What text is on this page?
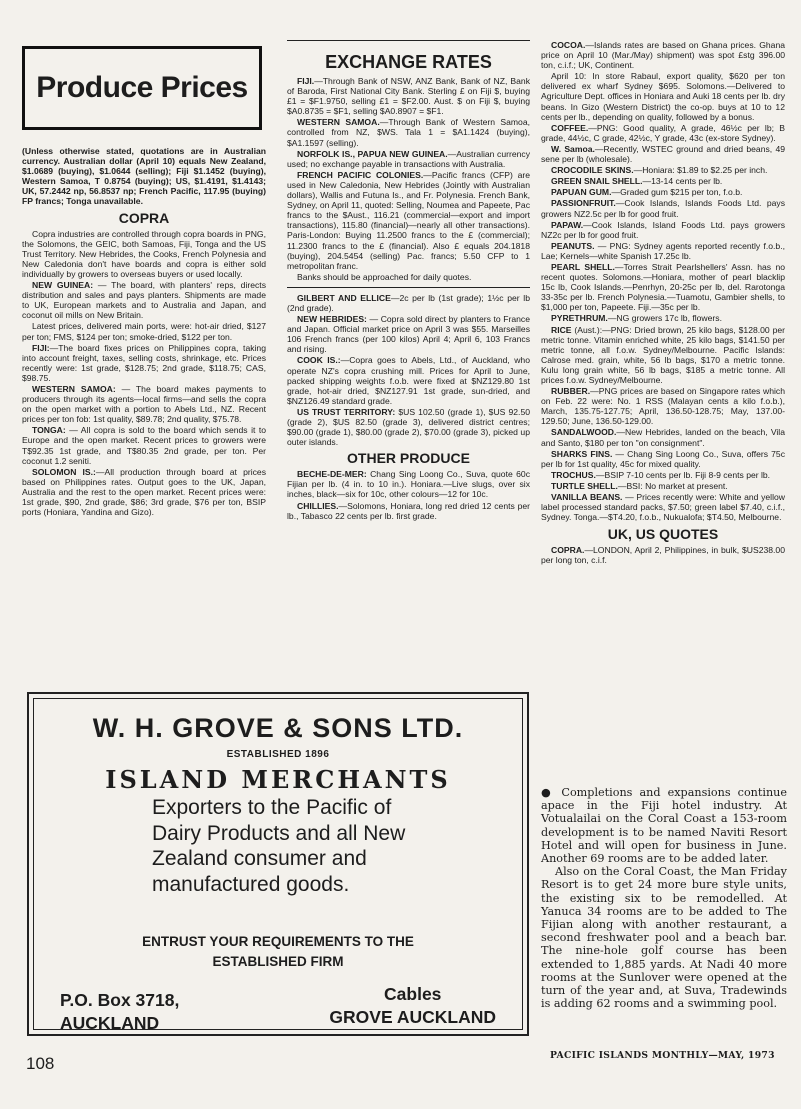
Produce Prices

(Unless otherwise stated, quotations are in Australian currency. Australian dollar (April 10) equals New Zealand, $1.0689 (buying), $1.0644 (selling); Fiji $1.1452 (buying), Western Samoa, T 0.8754 (buying); US, $1.4191, $1.4143; UK, 57.2442 np, 56.8537 np; French Pacific, 117.95 (buying) FP francs; Tonga unavailable.

COPRA

Copra industries are controlled through copra boards in PNG, the Solomons, the GEIC, both Samoas, Fiji, Tonga and the US Trust Territory. New Hebrides, the Cooks, French Polynesia and New Caledonia don't have boards and copra is either sold individually by growers to overseas buyers or used locally.

NEW GUINEA: — The board, with planters' reps, directs distribution and sales and pays planters. Shipments are made to UK, European markets and to Australia and Japan, and coconut oil mills on New Britain.

Latest prices, delivered main ports, were: hot-air dried, $127 per ton; FMS, $124 per ton; smoke-dried, $122 per ton.

FIJI:—The board fixes prices on Philippines copra, taking into account freight, taxes, selling costs, shrinkage, etc. Prices recently were: 1st grade, $128.75; 2nd grade, $118.75; CAS, $98.75.

WESTERN SAMOA: — The board makes payments to producers through its agents—local firms—and sells the copra on the open market with a portion to Abels Ltd., NZ. Recent prices per ton fob: 1st quality, $89.78; 2nd quality, $75.78.

TONGA: — All copra is sold to the board which sends it to Europe and the open market. Recent prices to growers were T$92.35 1st grade, and T$80.35 2nd grade, per ton. Per coconut 1.2 seniti.

SOLOMON IS.:—All production through board at prices based on Philippines rates. Output goes to the UK, Japan, Australia and the rest to the open market. Recent prices were: 1st grade, $90, 2nd grade, $86; 3rd grade, $76 per ton, BSIP ports (Honiara, Yandina and Gizo).

EXCHANGE RATES

FIJI.—Through Bank of NSW, ANZ Bank, Bank of NZ, Bank of Baroda, First National City Bank. Sterling £ on Fiji $, buying £1 = $F1.9750, selling £1 = $F2.00. Aust. $ on Fiji $, buying $A0.8735 = $F1, selling $A0.8907 = $F1.

WESTERN SAMOA.—Through Bank of Western Samoa, controlled from NZ, $WS. Tala 1 = $A1.1424 (buying), $A1.1597 (selling).

NORFOLK IS., PAPUA NEW GUINEA.—Australian currency used; no exchange payable in transactions with Australia.

FRENCH PACIFIC COLONIES.—Pacific francs (CFP) are used in New Caledonia, New Hebrides (Jointly with Australian dollars), Wallis and Futuna Is., and Fr. Polynesia. French Bank, Sydney, on April 11, quoted: Selling, Noumea and Papeete, Pac francs to the $Aust., 116.21 (commercial—export and import transactions), 115.80 (financial)—nearly all other transactions). Paris-London: Buying 11.2500 francs to the £ (commercial); 11.2300 francs to the £ (financial). Also £ equals 204.1818 (buying), 204.5454 (selling) Pac. francs; 5.50 CFP to 1 metropolitan franc.

Banks should be approached for daily quotes.

GILBERT AND ELLICE—2c per lb (1st grade); 1½c per lb (2nd grade).

NEW HEBRIDES: — Copra sold direct by planters to France and Japan. Official market price on April 3 was $55. Marseilles 106 French francs (per 100 kilos) April 4; April 6, 103 Francs and rising.

COOK IS.:—Copra goes to Abels, Ltd., of Auckland, who operate NZ's copra crushing mill. Prices for April to June, packed shipping weights f.o.b. were fixed at $NZ129.80 1st grade, hot-air dried, $NZ127.91 1st grade, sun-dried, and $NZ126.49 standard grade.

US TRUST TERRITORY: $US 102.50 (grade 1), $US 92.50 (grade 2), $US 82.50 (grade 3), delivered district centres; $90.00 (grade 1), $80.00 (grade 2), $70.00 (grade 3), picked up outer islands.

OTHER PRODUCE

BECHE-DE-MER: Chang Sing Loong Co., Suva, quote 60c Fijian per lb. (4 in. to 10 in.). Honiara.—Live slugs, over six inches, black—six for 10c, other colours—12 for 10c.

CHILLIES.—Solomons, Honiara, long red dried 12 cents per lb., Tabasco 22 cents per lb. first grade.

COCOA.—Islands rates are based on Ghana prices. Ghana price on April 10 (Mar./May) shipment) was spot £stg 396.00 ton, c.i.f.; UK, Continent.

April 10: In store Rabaul, export quality, $620 per ton delivered ex wharf Sydney $695. Solomons.—Delivered to Agriculture Dept. offices in Honiara and Auki 18 cents per lb. dry beans. In Gizo (Western District) the co-op. buys at 10 to 12 cents per lb., depending on quality, followed by a bonus.

COFFEE.—PNG: Good quality, A grade, 46½c per lb; B grade, 44½c, C grade, 42½c, Y grade, 43c (ex-store Sydney).

W. Samoa.—Recently, WSTEC ground and dried beans, 49 sene per lb (wholesale).

CROCODILE SKINS.—Honiara: $1.89 to $2.25 per inch.

GREEN SNAIL SHELL.—13-14 cents per lb.

PAPUAN GUM.—Graded gum $215 per ton, f.o.b.

PASSIONFRUIT.—Cook Islands, Islands Foods Ltd. pays growers NZ2.5c per lb for good fruit.

PAPAW.—Cook Islands, Island Foods Ltd. pays growers NZ2c per lb for good fruit.

PEANUTS. — PNG: Sydney agents reported recently f.o.b., Lae; Kernels—white Spanish 17.25c lb.

PEARL SHELL.—Torres Strait Pearlshellers' Assn. has no recent quotes. Solomons.—Honiara, mother of pearl blacklip 15c lb, Cook Islands.—Penrhyn, 20-25c per lb, del. Rarotonga 33-35c per lb. French Polynesia.—Tuamotu, Gambier shells, to $1,000 per ton, Papeete. Fiji.—35c per lb.

PYRETHRUM.—NG growers 17c lb, flowers.

RICE (Aust.):—PNG: Dried brown, 25 kilo bags, $128.00 per metric tonne. Vitamin enriched white, 25 kilo bags, $141.50 per metric tonne, all f.o.w. Sydney/Melbourne. Pacific Islands: Calrose med. grain, white, 56 lb bags, $170 a metric tonne. Kulu long grain white, 56 lb bags, $185 a metric tonne. All prices f.o.w. Sydney/Melbourne.

RUBBER.—PNG prices are based on Singapore rates which on Feb. 22 were: No. 1 RSS (Malayan cents a kilo f.o.b.), March, 135.75-127.75; April, 136.50-128.75; May, 137.00-129.50; June, 136.50-129.00.

SANDALWOOD.—New Hebrides, landed on the beach, Vila and Santo, $180 per ton "on consignment".

SHARKS FINS. — Chang Sing Loong Co., Suva, offers 75c per lb for 1st quality, 45c for mixed quality.

TROCHUS.—BSIP 7-10 cents per lb. Fiji 8-9 cents per lb.

TURTLE SHELL.—BSI: No market at present.

VANILLA BEANS. — Prices recently were: White and yellow label processed standard packs, $7.50; green label $7.40, c.i.f., Sydney. Tonga.—$T4.20, f.o.b., Nukualofa; $T4.50, Melbourne.

UK, US QUOTES

COPRA.—LONDON, April 2, Philippines, in bulk, $US238.00 per long ton, c.i.f.

W. H. GROVE & SONS LTD.
ESTABLISHED 1896
ISLAND MERCHANTS
Exporters to the Pacific of Dairy Products and all New Zealand consumer and manufactured goods.
ENTRUST YOUR REQUIREMENTS TO THE
ESTABLISHED FIRM
P.O. Box 3718,
AUCKLAND
Cables
GROVE AUCKLAND

● Completions and expansions continue apace in the Fiji hotel industry. At Votualailai on the Coral Coast a 153-room development is to be named Naviti Resort Hotel and will open for business in June. Another 69 rooms are to be added later.

Also on the Coral Coast, the Man Friday Resort is to get 24 more bure style units, the existing six to be remodelled. At Yanuca 34 rooms are to be added to The Fijian along with another restaurant, a second freshwater pool and a beach bar. The nine-hole golf course has been extended to 1,885 yards. At Nadi 40 more rooms at the Sunlover were opened at the turn of the year and, at Suva, Tradewinds is adding 62 rooms and a swimming pool.

108	PACIFIC ISLANDS MONTHLY—MAY, 1973
